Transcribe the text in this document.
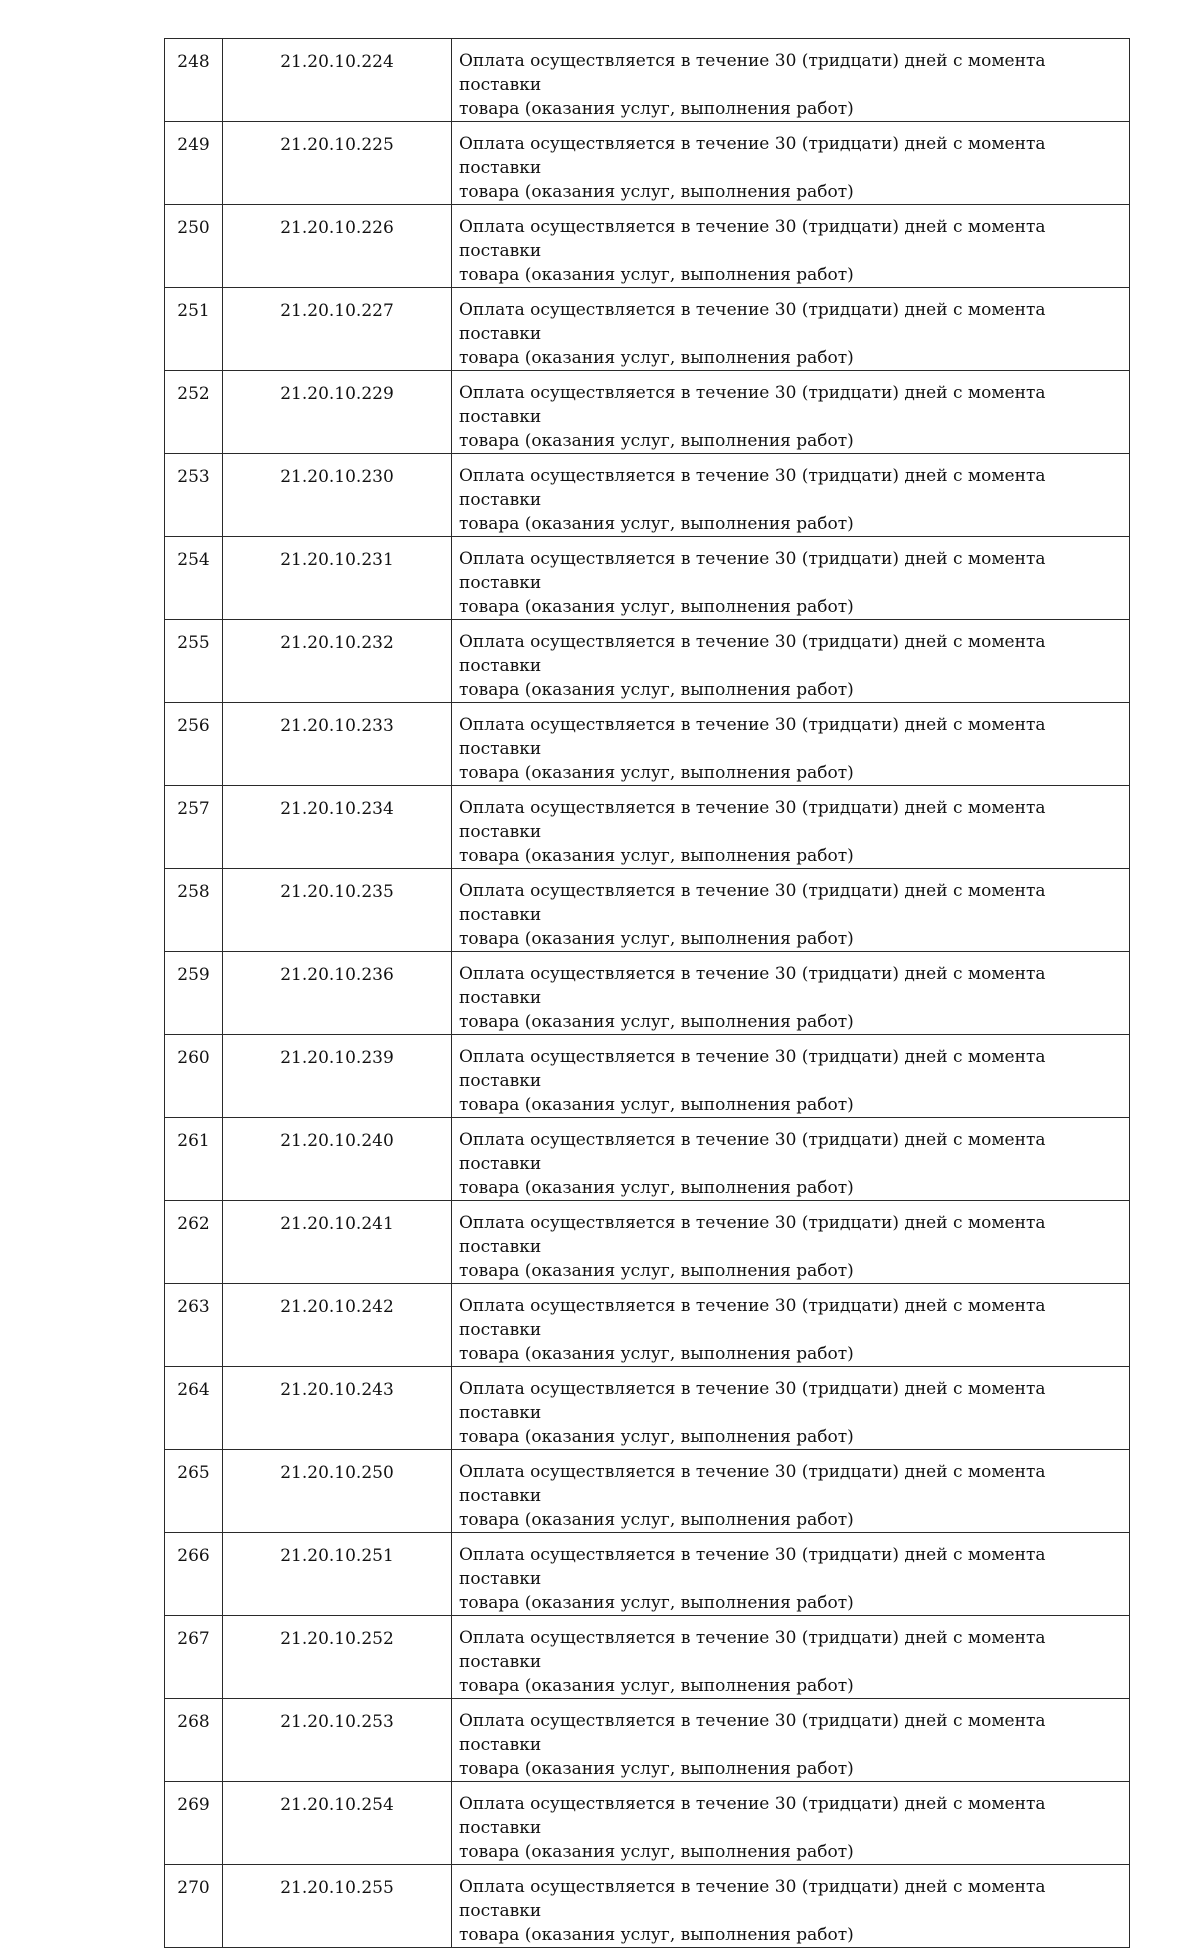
248	21.20.10.224	Оплата осуществляется в течение 30 (тридцати) дней с момента поставки
товара (оказания услуг, выполнения работ)

249	21.20.10.225	Оплата осуществляется в течение 30 (тридцати) дней с момента поставки
товара (оказания услуг, выполнения работ)

250	21.20.10.226	Оплата осуществляется в течение 30 (тридцати) дней с момента поставки
товара (оказания услуг, выполнения работ)

251	21.20.10.227	Оплата осуществляется в течение 30 (тридцати) дней с момента поставки
товара (оказания услуг, выполнения работ)

252	21.20.10.229	Оплата осуществляется в течение 30 (тридцати) дней с момента поставки
товара (оказания услуг, выполнения работ)

253	21.20.10.230	Оплата осуществляется в течение 30 (тридцати) дней с момента поставки
товара (оказания услуг, выполнения работ)

254	21.20.10.231	Оплата осуществляется в течение 30 (тридцати) дней с момента поставки
товара (оказания услуг, выполнения работ)

255	21.20.10.232	Оплата осуществляется в течение 30 (тридцати) дней с момента поставки
товара (оказания услуг, выполнения работ)

256	21.20.10.233	Оплата осуществляется в течение 30 (тридцати) дней с момента поставки
товара (оказания услуг, выполнения работ)

257	21.20.10.234	Оплата осуществляется в течение 30 (тридцати) дней с момента поставки
товара (оказания услуг, выполнения работ)

258	21.20.10.235	Оплата осуществляется в течение 30 (тридцати) дней с момента поставки
товара (оказания услуг, выполнения работ)

259	21.20.10.236	Оплата осуществляется в течение 30 (тридцати) дней с момента поставки
товара (оказания услуг, выполнения работ)

260	21.20.10.239	Оплата осуществляется в течение 30 (тридцати) дней с момента поставки
товара (оказания услуг, выполнения работ)

261	21.20.10.240	Оплата осуществляется в течение 30 (тридцати) дней с момента поставки
товара (оказания услуг, выполнения работ)

262	21.20.10.241	Оплата осуществляется в течение 30 (тридцати) дней с момента поставки
товара (оказания услуг, выполнения работ)

263	21.20.10.242	Оплата осуществляется в течение 30 (тридцати) дней с момента поставки
товара (оказания услуг, выполнения работ)

264	21.20.10.243	Оплата осуществляется в течение 30 (тридцати) дней с момента поставки
товара (оказания услуг, выполнения работ)

265	21.20.10.250	Оплата осуществляется в течение 30 (тридцати) дней с момента поставки
товара (оказания услуг, выполнения работ)

266	21.20.10.251	Оплата осуществляется в течение 30 (тридцати) дней с момента поставки
товара (оказания услуг, выполнения работ)

267	21.20.10.252	Оплата осуществляется в течение 30 (тридцати) дней с момента поставки
товара (оказания услуг, выполнения работ)

268	21.20.10.253	Оплата осуществляется в течение 30 (тридцати) дней с момента поставки
товара (оказания услуг, выполнения работ)

269	21.20.10.254	Оплата осуществляется в течение 30 (тридцати) дней с момента поставки
товара (оказания услуг, выполнения работ)

270	21.20.10.255	Оплата осуществляется в течение 30 (тридцати) дней с момента поставки
товара (оказания услуг, выполнения работ)
